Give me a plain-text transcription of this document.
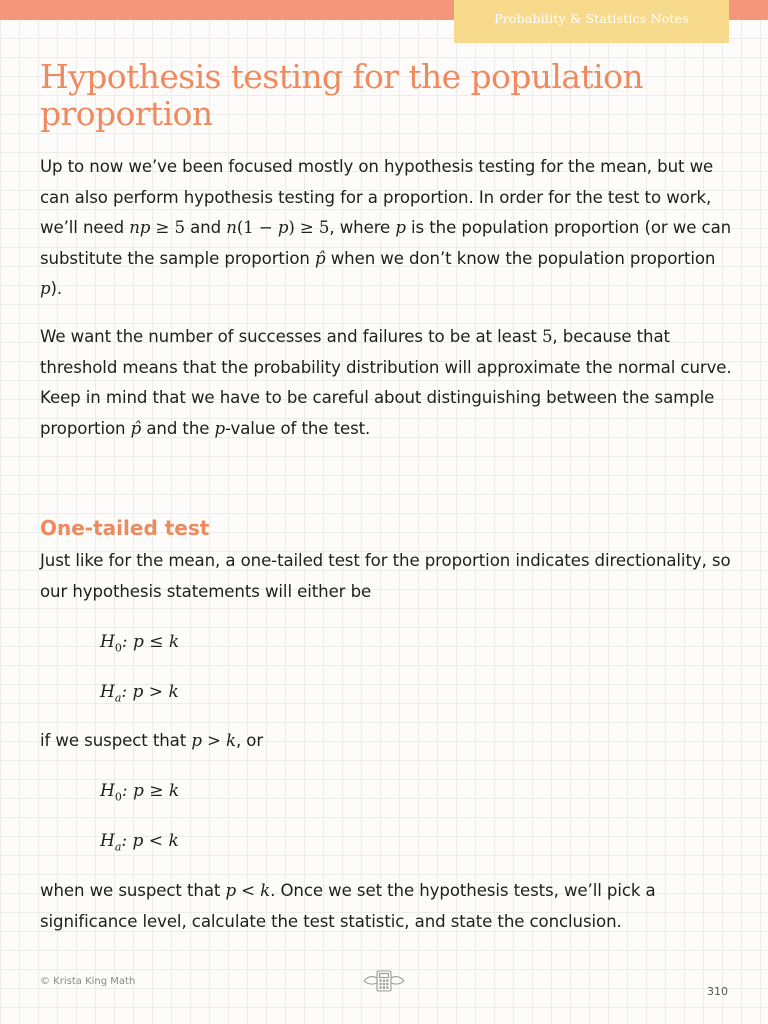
Probability & Statistics Notes
Hypothesis testing for the population proportion

Up to now we’ve been focused mostly on hypothesis testing for the mean, but we can also perform hypothesis testing for a proportion. In order for the test to work, we’ll need np ≥ 5 and n(1 − p) ≥ 5, where p is the population proportion (or we can substitute the sample proportion p̂ when we don’t know the population proportion p).

We want the number of successes and failures to be at least 5, because that threshold means that the probability distribution will approximate the normal curve. Keep in mind that we have to be careful about distinguishing between the sample proportion p̂ and the p-value of the test.

One-tailed test

Just like for the mean, a one-tailed test for the proportion indicates directionality, so our hypothesis statements will either be

$H_0$: p ≤ k

$H_a$: p > k

if we suspect that p > k, or

$H_0$: p ≥ k

$H_a$: p < k

when we suspect that p < k. Once we set the hypothesis tests, we’ll pick a significance level, calculate the test statistic, and state the conclusion.

© Krista King Math
310
